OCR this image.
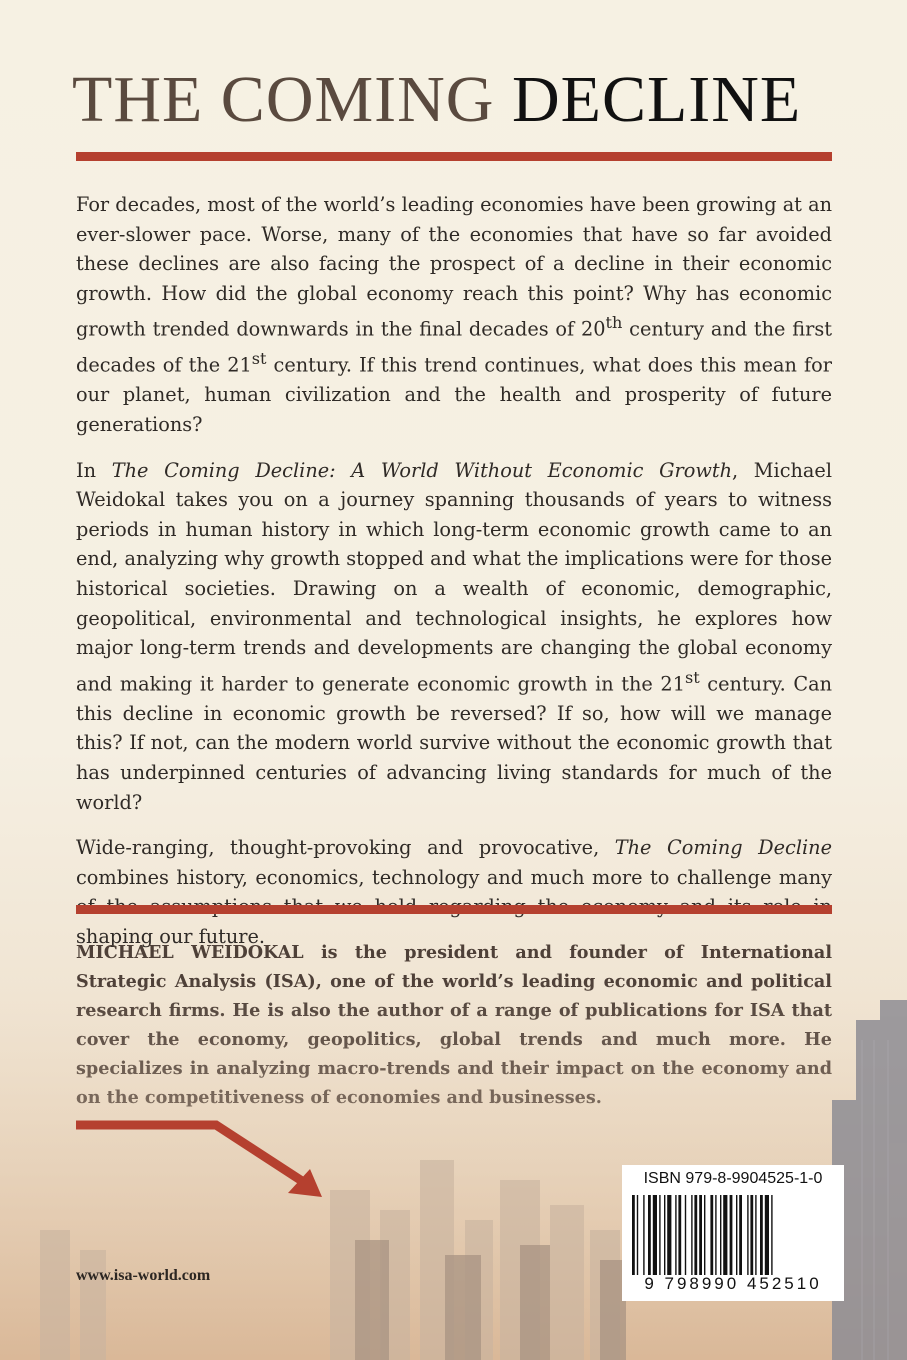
THE COMING DECLINE

For decades, most of the world’s leading economies have been growing at an ever-slower pace. Worse, many of the economies that have so far avoided these declines are also facing the prospect of a decline in their economic growth. How did the global economy reach this point? Why has economic growth trended downwards in the final decades of 20th century and the first decades of the 21st century. If this trend continues, what does this mean for our planet, human civilization and the health and prosperity of future generations?

In The Coming Decline: A World Without Economic Growth, Michael Weidokal takes you on a journey spanning thousands of years to witness periods in human history in which long-term economic growth came to an end, analyzing why growth stopped and what the implications were for those historical societies. Drawing on a wealth of economic, demographic, geopolitical, environmental and technological insights, he explores how major long-term trends and developments are changing the global economy and making it harder to generate economic growth in the 21st century. Can this decline in economic growth be reversed? If so, how will we manage this? If not, can the modern world survive without the economic growth that has underpinned centuries of advancing living standards for much of the world?

Wide-ranging, thought-provoking and provocative, The Coming Decline combines history, economics, technology and much more to challenge many shaping our future.

MICHAEL WEIDOKAL is the president and founder of International

www.isa-world.com
ISBN 979-8-9904525-1-0
9 798990 452510
